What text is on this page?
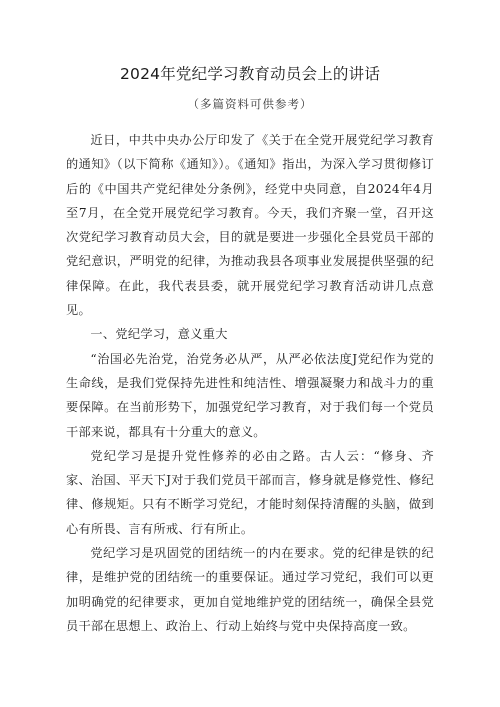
2024年党纪学习教育动员会上的讲话

（多篇资料可供参考）

近日，中共中央办公厅印发了《关于在全党开展党纪学习教育的通知》（以下简称《通知》）。《通知》指出，为深入学习贯彻修订后的《中国共产党纪律处分条例》，经党中央同意，自2024年4月至7月，在全党开展党纪学习教育。今天，我们齐聚一堂，召开这次党纪学习教育动员大会，目的就是要进一步强化全县党员干部的党纪意识，严明党的纪律，为推动我县各项事业发展提供坚强的纪律保障。在此，我代表县委，就开展党纪学习教育活动讲几点意见。

一、党纪学习，意义重大

“治国必先治党，治党务必从严，从严必依法度J党纪作为党的生命线，是我们党保持先进性和纯洁性、增强凝聚力和战斗力的重要保障。在当前形势下，加强党纪学习教育，对于我们每一个党员干部来说，都具有十分重大的意义。

党纪学习是提升党性修养的必由之路。古人云：“修身、齐家、治国、平天下J对于我们党员干部而言，修身就是修党性、修纪律、修规矩。只有不断学习党纪，才能时刻保持清醒的头脑，做到心有所畏、言有所戒、行有所止。

党纪学习是巩固党的团结统一的内在要求。党的纪律是铁的纪律，是维护党的团结统一的重要保证。通过学习党纪，我们可以更加明确党的纪律要求，更加自觉地维护党的团结统一，确保全县党员干部在思想上、政治上、行动上始终与党中央保持高度一致。
